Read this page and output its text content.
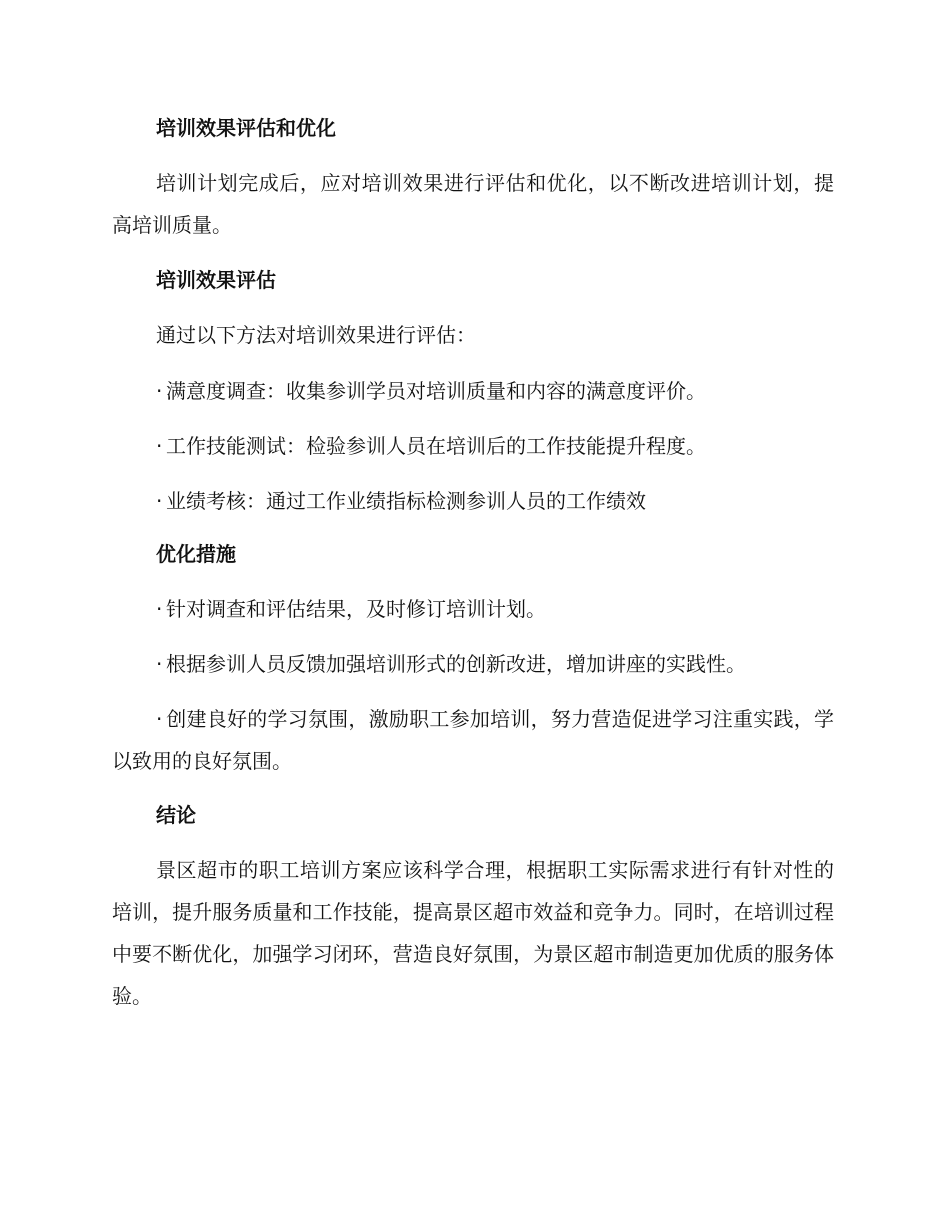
培训效果评估和优化

培训计划完成后，应对培训效果进行评估和优化，以不断改进培训计划，提高培训质量。

培训效果评估

通过以下方法对培训效果进行评估：

· 满意度调查：收集参训学员对培训质量和内容的满意度评价。

· 工作技能测试：检验参训人员在培训后的工作技能提升程度。

· 业绩考核：通过工作业绩指标检测参训人员的工作绩效

优化措施

· 针对调查和评估结果，及时修订培训计划。

· 根据参训人员反馈加强培训形式的创新改进，增加讲座的实践性。

· 创建良好的学习氛围，激励职工参加培训，努力营造促进学习注重实践，学以致用的良好氛围。

结论

景区超市的职工培训方案应该科学合理，根据职工实际需求进行有针对性的培训，提升服务质量和工作技能，提高景区超市效益和竞争力。同时，在培训过程中要不断优化，加强学习闭环，营造良好氛围，为景区超市制造更加优质的服务体验。
